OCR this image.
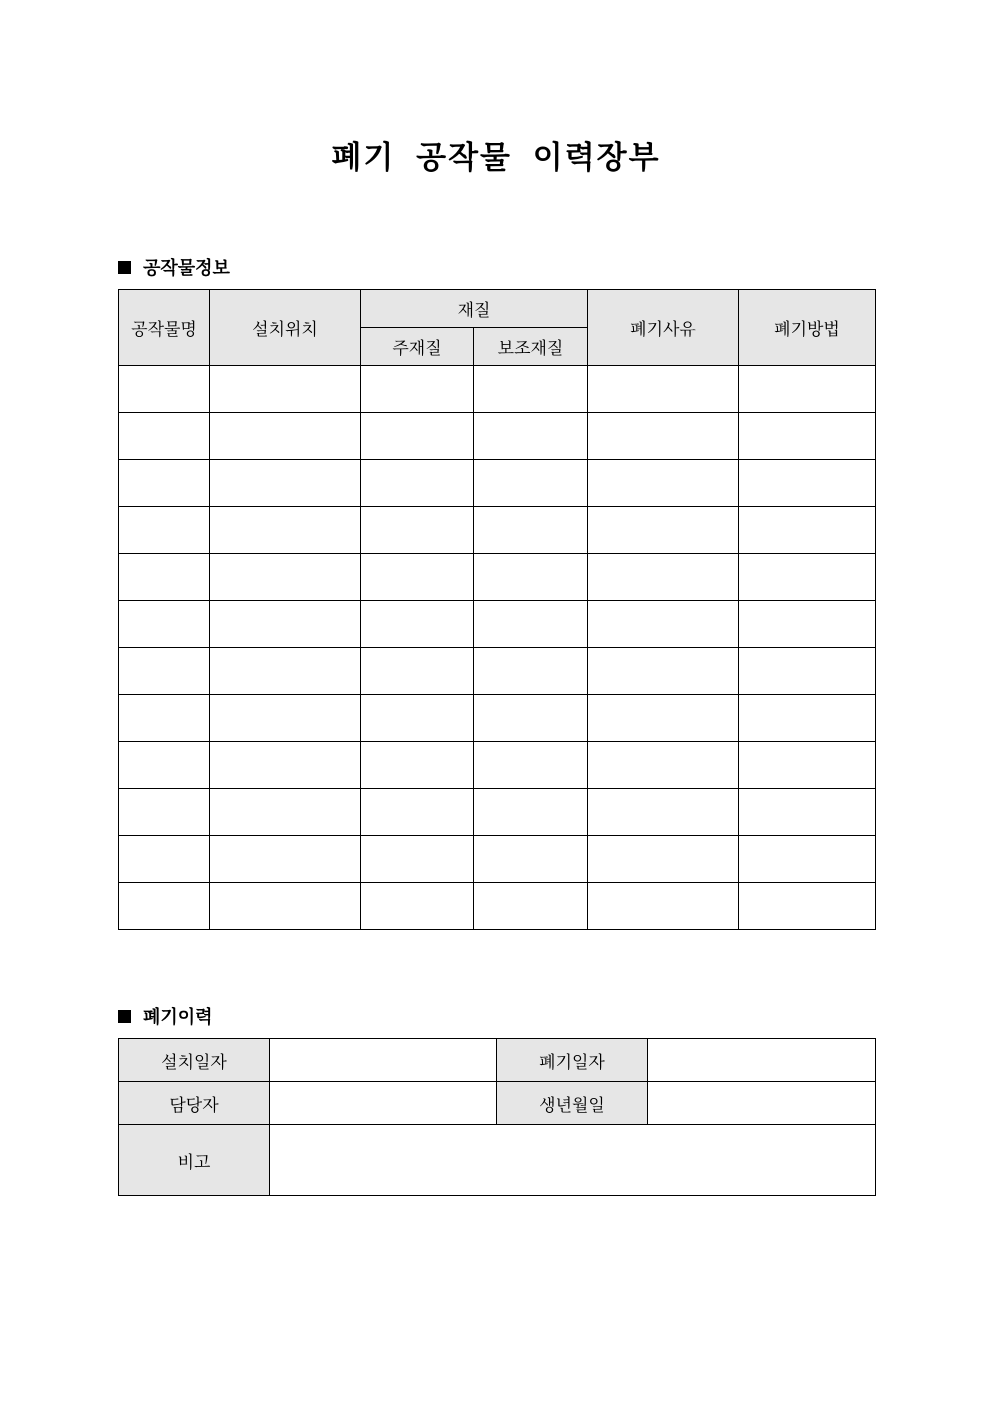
폐기 공작물 이력장부
공작물정보
공작물명	설치위치	재질		폐기사유	폐기방법
		주재질	보조재질		

폐기이력
설치일자		폐기일자	
담당자		생년월일	
비고			
